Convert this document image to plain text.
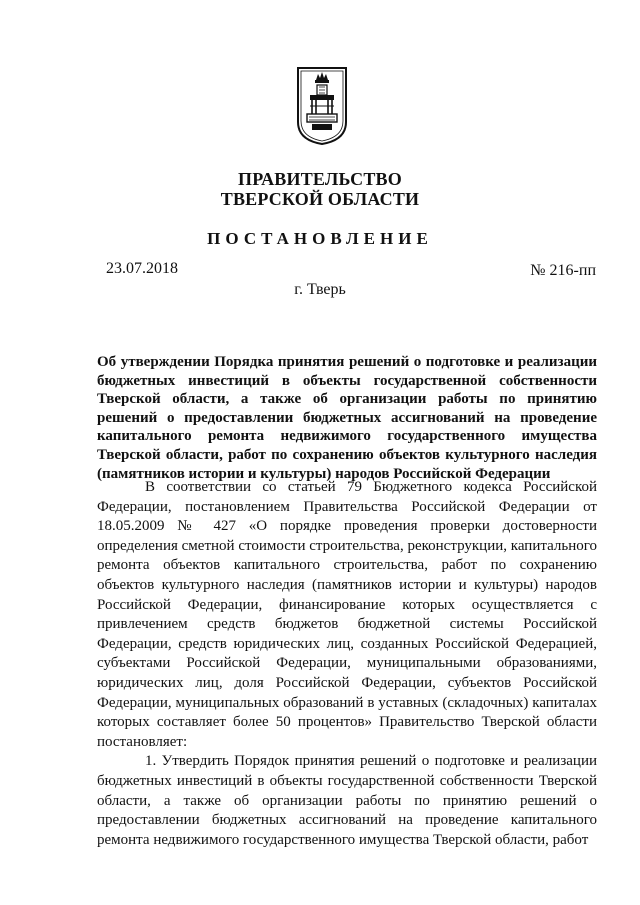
ПРАВИТЕЛЬСТВО
ТВЕРСКОЙ ОБЛАСТИ
ПОСТАНОВЛЕНИЕ
23.07.2018	№ 216-пп
г. Тверь
Об утверждении Порядка принятия решений о подготовке и реализации бюджетных инвестиций в объекты государственной собственности Тверской области, а также об организации работы по принятию решений о предоставлении бюджетных ассигнований на проведение капитального ремонта недвижимого государственного имущества Тверской области, работ по сохранению объектов культурного наследия (памятников истории и культуры) народов Российской Федерации

В соответствии со статьей 79 Бюджетного кодекса Российской Федерации, постановлением Правительства Российской Федерации от 18.05.2009 № 427 «О порядке проведения проверки достоверности определения сметной стоимости строительства, реконструкции, капитального ремонта объектов капитального строительства, работ по сохранению объектов культурного наследия (памятников истории и культуры) народов Российской Федерации, финансирование которых осуществляется с привлечением средств бюджетов бюджетной системы Российской Федерации, средств юридических лиц, созданных Российской Федерацией, субъектами Российской Федерации, муниципальными образованиями, юридических лиц, доля Российской Федерации, субъектов Российской Федерации, муниципальных образований в уставных (складочных) капиталах которых составляет более 50 процентов» Правительство Тверской области постановляет:

1. Утвердить Порядок принятия решений о подготовке и реализации бюджетных инвестиций в объекты государственной собственности Тверской области, а также об организации работы по принятию решений о предоставлении бюджетных ассигнований на проведение капитального ремонта недвижимого государственного имущества Тверской области, работ
